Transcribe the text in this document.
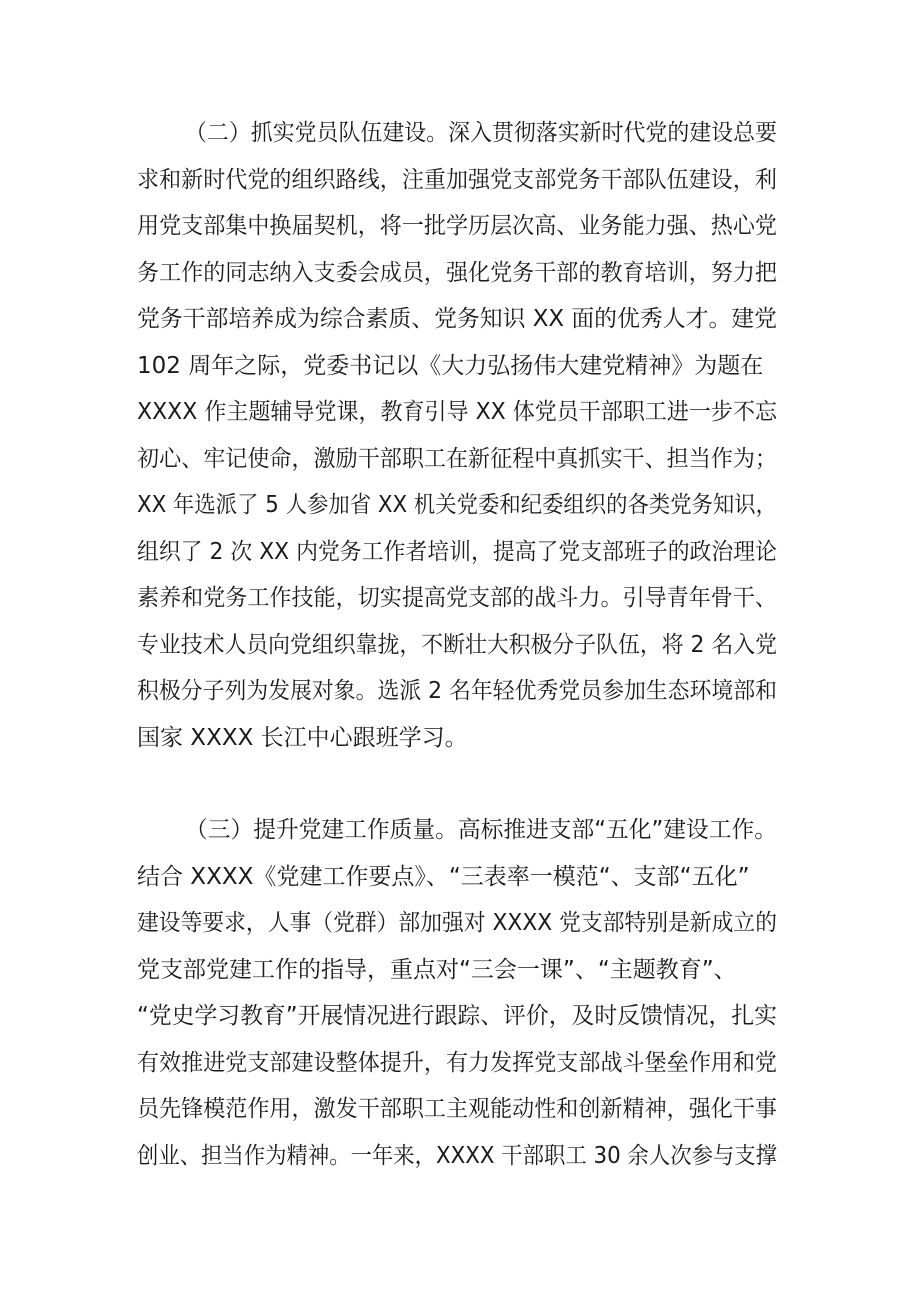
（二）抓实党员队伍建设。深入贯彻落实新时代党的建设总要
求和新时代党的组织路线，注重加强党支部党务干部队伍建设，利
用党支部集中换届契机，将一批学历层次高、业务能力强、热心党
务工作的同志纳入支委会成员，强化党务干部的教育培训，努力把
党务干部培养成为综合素质、党务知识 XX 面的优秀人才。建党
102 周年之际，党委书记以《大力弘扬伟大建党精神》为题在
XXXX 作主题辅导党课，教育引导 XX 体党员干部职工进一步不忘
初心、牢记使命，激励干部职工在新征程中真抓实干、担当作为；
XX 年选派了 5 人参加省 XX 机关党委和纪委组织的各类党务知识，
组织了 2 次 XX 内党务工作者培训，提高了党支部班子的政治理论
素养和党务工作技能，切实提高党支部的战斗力。引导青年骨干、
专业技术人员向党组织靠拢，不断壮大积极分子队伍，将 2 名入党
积极分子列为发展对象。选派 2 名年轻优秀党员参加生态环境部和
国家 XXXX 长江中心跟班学习。
（三）提升党建工作质量。高标推进支部“五化”建设工作。
结合 XXXX《党建工作要点》、“三表率一模范“、支部“五化”
建设等要求，人事（党群）部加强对 XXXX 党支部特别是新成立的
党支部党建工作的指导，重点对“三会一课”、“主题教育”、
“党史学习教育”开展情况进行跟踪、评价，及时反馈情况，扎实
有效推进党支部建设整体提升，有力发挥党支部战斗堡垒作用和党
员先锋模范作用，激发干部职工主观能动性和创新精神，强化干事
创业、担当作为精神。一年来，XXXX 干部职工 30 余人次参与支撑
